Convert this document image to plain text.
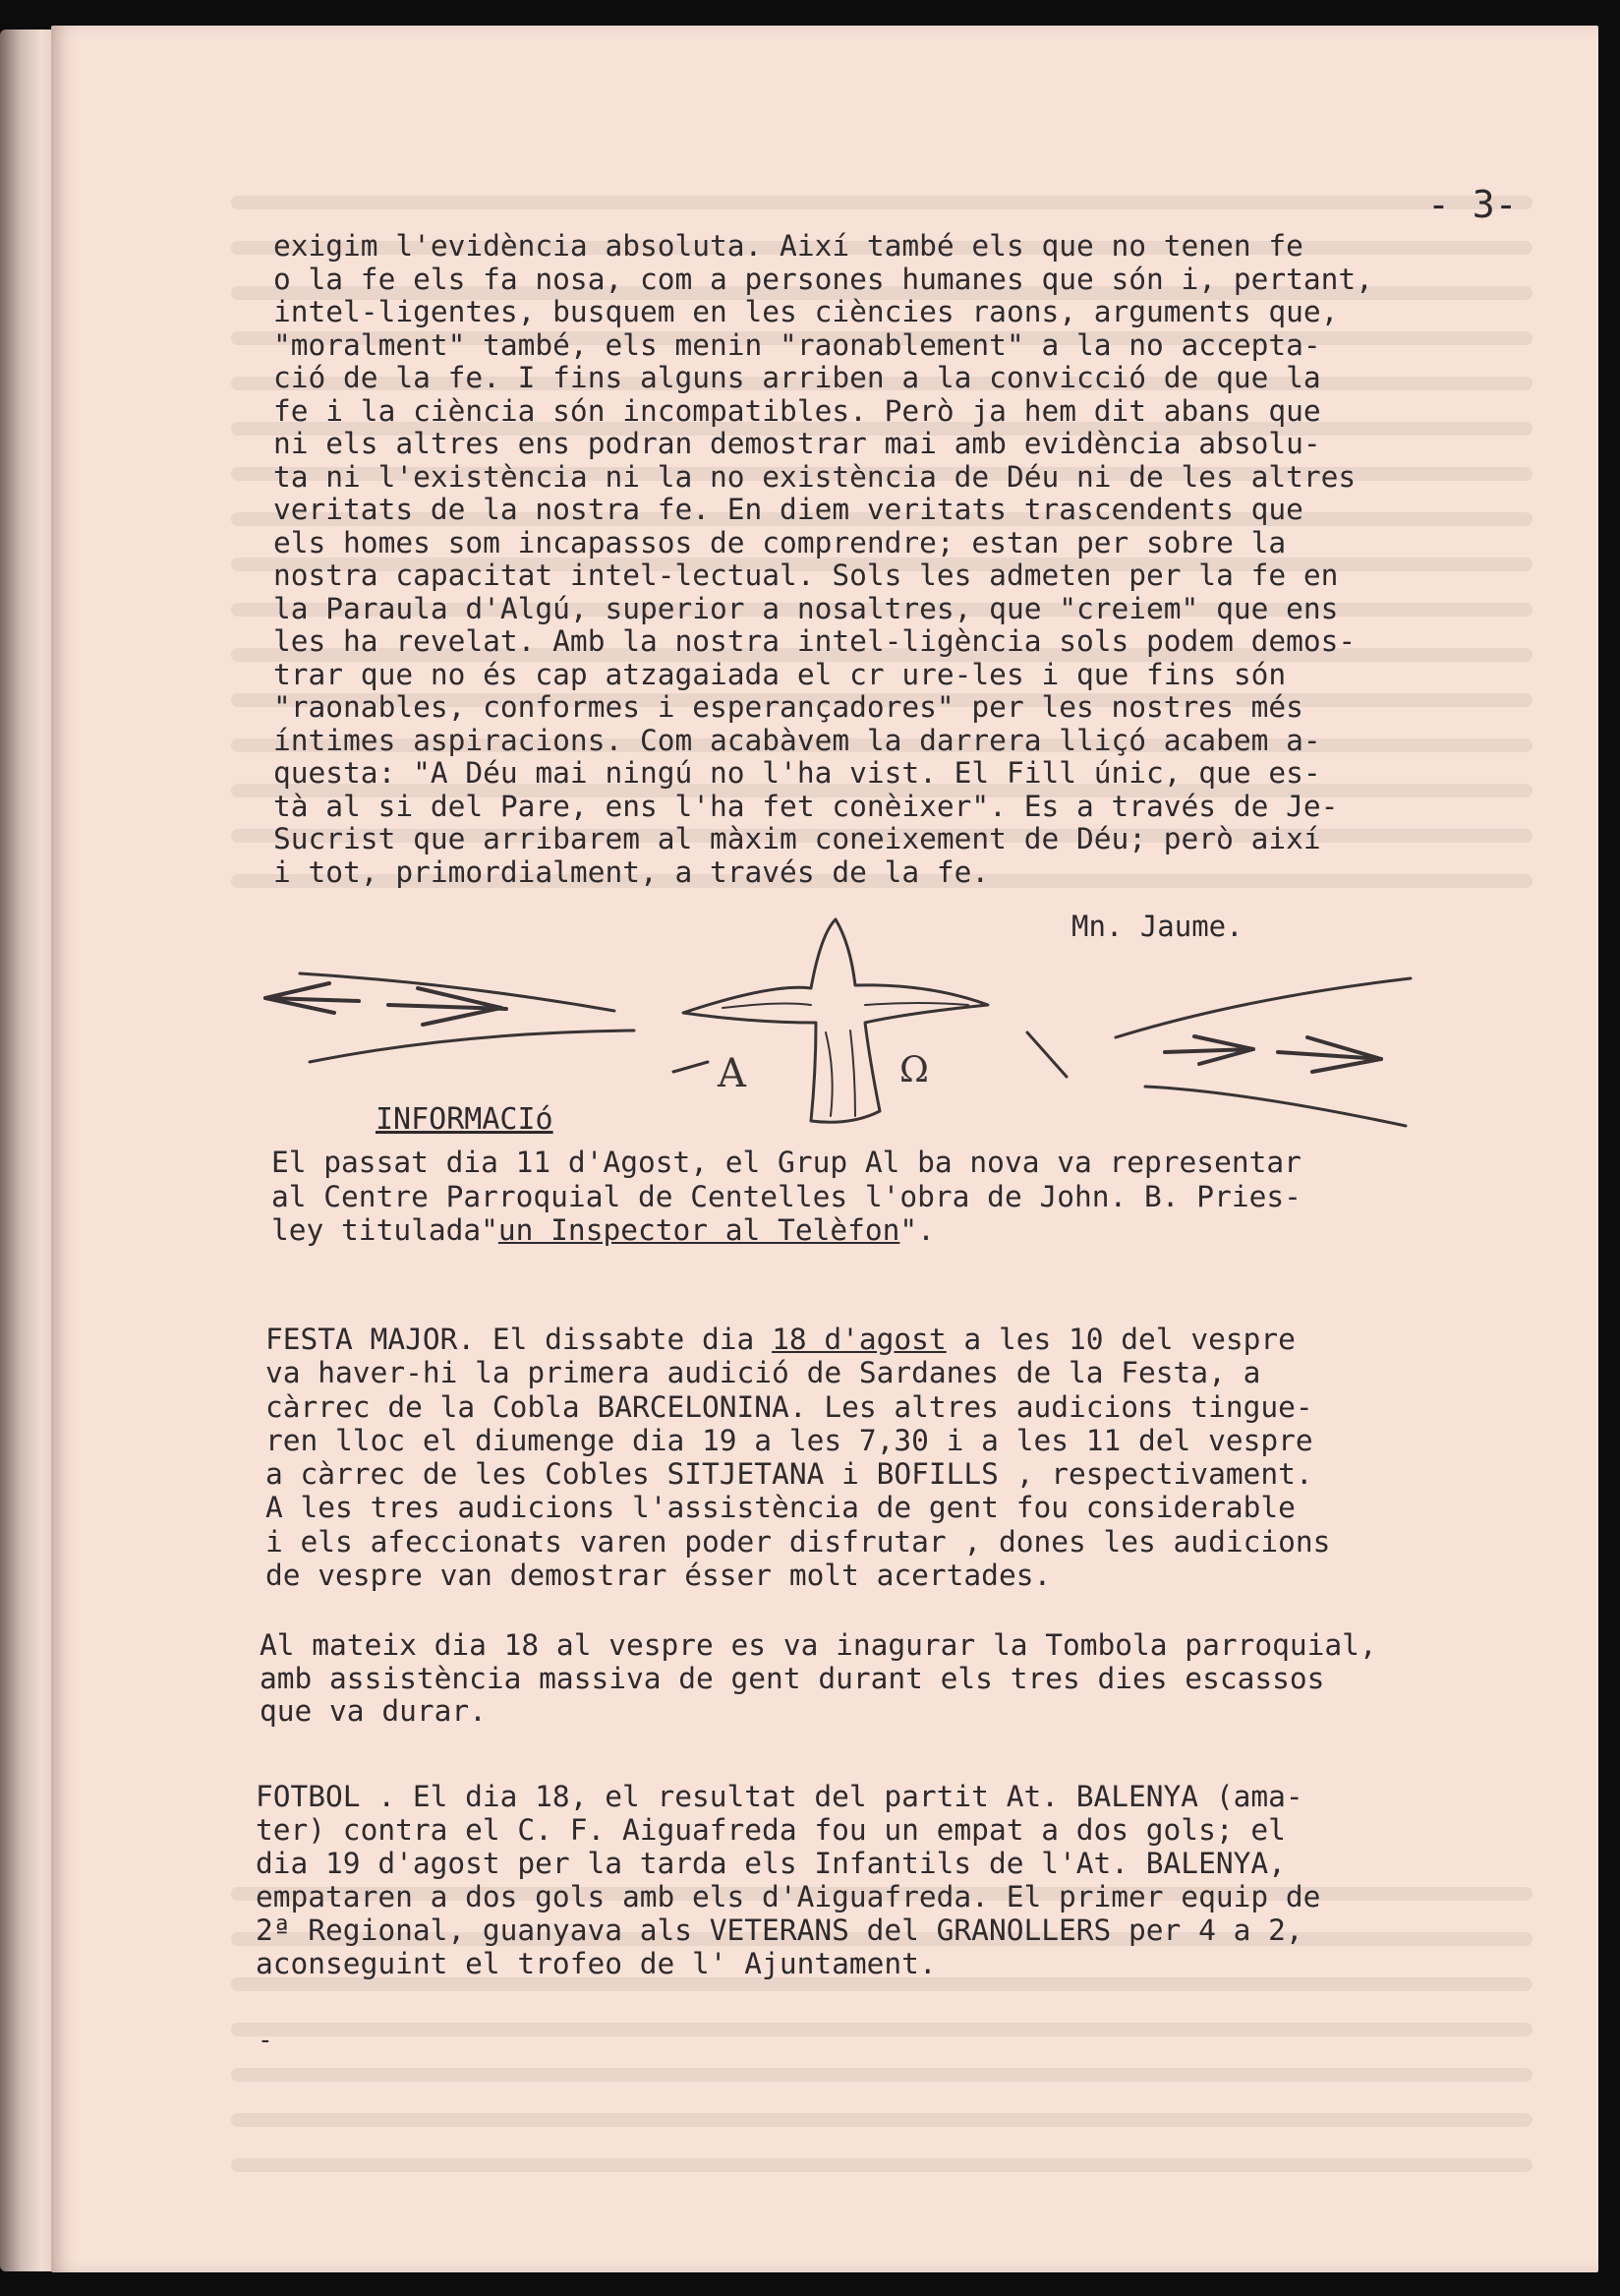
- 3-
exigim l'evidència absoluta. Així també els que no tenen fe
o la fe els fa nosa, com a persones humanes que són i, pertant,
intel-ligentes, busquem en les ciències raons, arguments que,
"moralment" també, els menin "raonablement" a la no accepta-
ció de la fe. I fins alguns arriben a la convicció de que la
fe i la ciència són incompatibles. Però ja hem dit abans que
ni els altres ens podran demostrar mai amb evidència absolu-
ta ni l'existència ni la no existència de Déu ni de les altres
veritats de la nostra fe. En diem veritats trascendents que
els homes som incapassos de comprendre; estan per sobre la
nostra capacitat intel-lectual. Sols les admeten per la fe en
la Paraula d'Algú, superior a nosaltres, que "creiem" que ens
les ha revelat. Amb la nostra intel-ligència sols podem demos-
trar que no és cap atzagaiada el cr ure-les i que fins són
"raonables, conformes i esperançadores" per les nostres més
íntimes aspiracions. Com acabàvem la darrera lliçó acabem a-
questa: "A Déu mai ningú no l'ha vist. El Fill únic, que es-
tà al si del Pare, ens l'ha fet conèixer". Es a través de Je-
Sucrist que arribarem al màxim coneixement de Déu; però així
i tot, primordialment, a través de la fe.
Mn. Jaume.
A	Ω
INFORMACIó
El passat dia 11 d'Agost, el Grup Al ba nova va representar
al Centre Parroquial de Centelles l'obra de John. B. Pries-
ley titulada"un Inspector al Telèfon".
FESTA MAJOR. El dissabte dia 18 d'agost a les 10 del vespre
va haver-hi la primera audició de Sardanes de la Festa, a
càrrec de la Cobla BARCELONINA. Les altres audicions tingue-
ren lloc el diumenge dia 19 a les 7,30 i a les 11 del vespre
a càrrec de les Cobles SITJETANA i BOFILLS , respectivament.
A les tres audicions l'assistència de gent fou considerable
i els afeccionats varen poder disfrutar , dones les audicions
de vespre van demostrar ésser molt acertades.
Al mateix dia 18 al vespre es va inagurar la Tombola parroquial,
amb assistència massiva de gent durant els tres dies escassos
que va durar.
FOTBOL . El dia 18, el resultat del partit At. BALENYA (ama-
ter) contra el C. F. Aiguafreda fou un empat a dos gols; el
dia 19 d'agost per la tarda els Infantils de l'At. BALENYA,
empataren a dos gols amb els d'Aiguafreda. El primer equip de
2ª Regional, guanyava als VETERANS del GRANOLLERS per 4 a 2,
aconseguint el trofeo de l' Ajuntament.
-
